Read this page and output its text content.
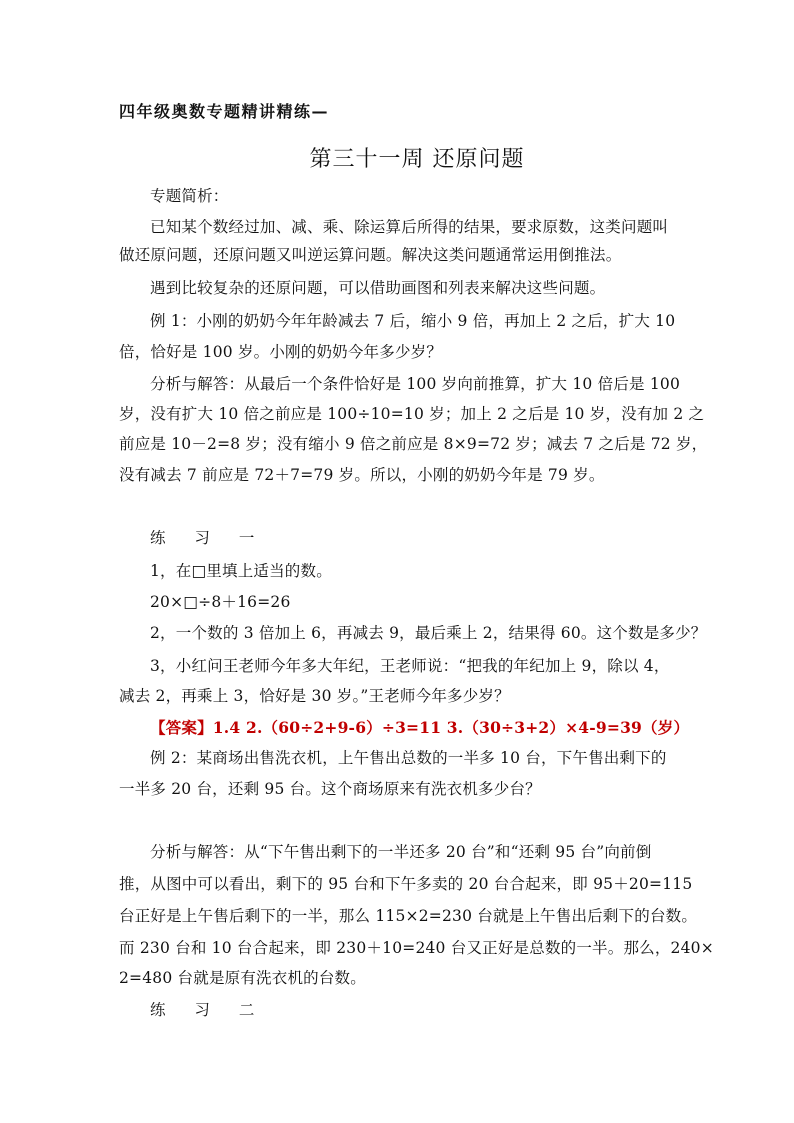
四年级奥数专题精讲精练—
第三十一周 还原问题
专题简析：
已知某个数经过加、减、乘、除运算后所得的结果，要求原数，这类问题叫
做还原问题，还原问题又叫逆运算问题。解决这类问题通常运用倒推法。
遇到比较复杂的还原问题，可以借助画图和列表来解决这些问题。
例 1：小刚的奶奶今年年龄减去 7 后，缩小 9 倍，再加上 2 之后，扩大 10
倍，恰好是 100 岁。小刚的奶奶今年多少岁？
分析与解答：从最后一个条件恰好是 100 岁向前推算，扩大 10 倍后是 100
岁，没有扩大 10 倍之前应是 100÷10=10 岁；加上 2 之后是 10 岁，没有加 2 之
前应是 10－2=8 岁；没有缩小 9 倍之前应是 8×9=72 岁；减去 7 之后是 72 岁，
没有减去 7 前应是 72＋7=79 岁。所以，小刚的奶奶今年是 79 岁。
练 习 一
1，在□里填上适当的数。
20×□÷8＋16=26
2，一个数的 3 倍加上 6，再减去 9，最后乘上 2，结果得 60。这个数是多少？
3，小红问王老师今年多大年纪，王老师说：“把我的年纪加上 9，除以 4，
减去 2，再乘上 3，恰好是 30 岁。”王老师今年多少岁？
【答案】1.4 2.（60÷2+9-6）÷3=11 3.（30÷3+2）×4-9=39（岁）
例 2：某商场出售洗衣机，上午售出总数的一半多 10 台，下午售出剩下的
一半多 20 台，还剩 95 台。这个商场原来有洗衣机多少台？
分析与解答：从“下午售出剩下的一半还多 20 台”和“还剩 95 台”向前倒
推，从图中可以看出，剩下的 95 台和下午多卖的 20 台合起来，即 95＋20=115
台正好是上午售后剩下的一半，那么 115×2=230 台就是上午售出后剩下的台数。
而 230 台和 10 台合起来，即 230＋10=240 台又正好是总数的一半。那么，240×
2=480 台就是原有洗衣机的台数。
练 习 二
